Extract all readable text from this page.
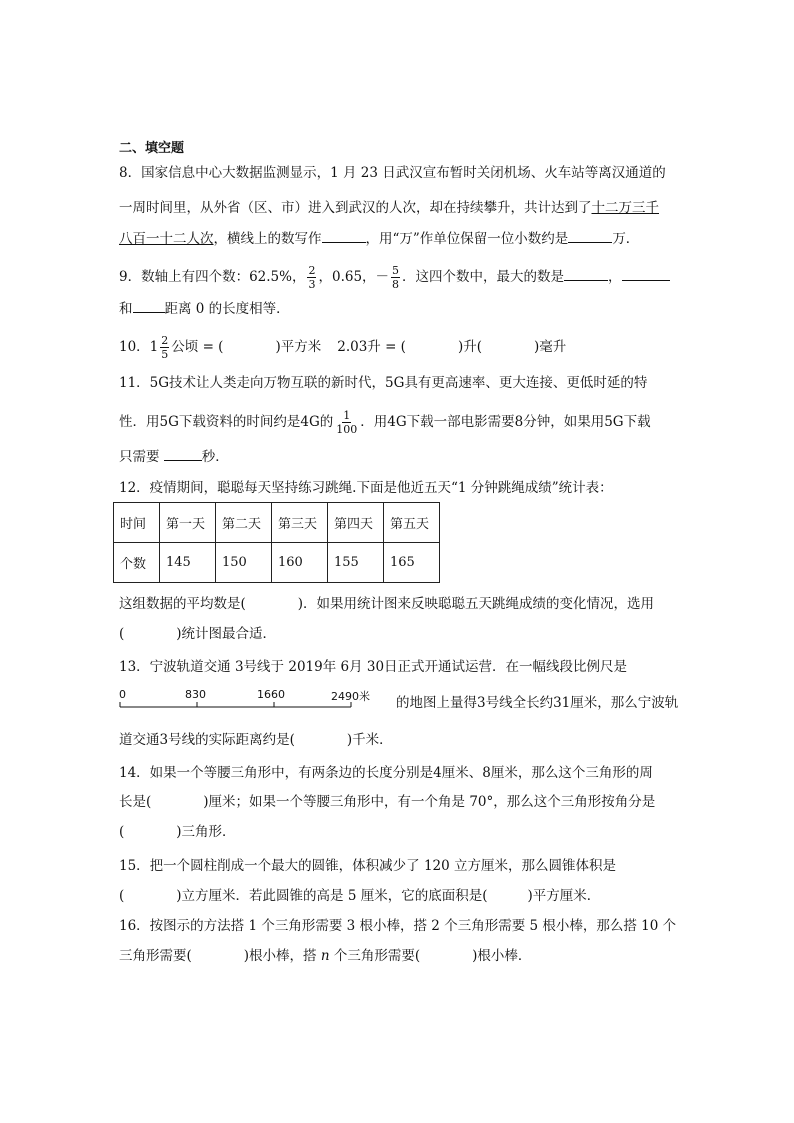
二、填空题
8．国家信息中心大数据监测显示，1 月 23 日武汉宣布暂时关闭机场、火车站等离汉通道的
一周时间里，从外省（区、市）进入到武汉的人次，却在持续攀升，共计达到了十二万三千
八百一十二人次，横线上的数写作	，用“万”作单位保留一位小数约是	万．
9．数轴上有四个数：62.5%， $\frac{2}{3}$ ，0.65，－ $\frac{5}{8}$ ．这四个数中，最大的数是	，
和 距离 0 的长度相等．
10．$1 \frac{2}{5}$ 公顷 = (	)平方米 2.03升 = (	)升(	)毫升
11．5G技术让人类走向万物互联的新时代，5G具有更高速率、更大连接、更低时延的特
性．用5G下载资料的时间约是4G的 $\frac{1}{100}$ ．用4G下载一部电影需要8分钟，如果用5G下载
只需要	秒．
12．疫情期间，聪聪每天坚持练习跳绳.下面是他近五天“1 分钟跳绳成绩”统计表：
时间	第一天	第二天	第三天	第四天	第五天
个数	145	150	160	155	165
这组数据的平均数是(	)．如果用统计图来反映聪聪五天跳绳成绩的变化情况，选用
(	)统计图最合适．
13．宁波轨道交通 3号线于 2019年 6月 30日正式开通试运营．在一幅线段比例尺是
0	830	1660	2490米 的地图上量得3号线全长约31厘米，那么宁波轨
道交通3号线的实际距离约是(	)千米．
14．如果一个等腰三角形中，有两条边的长度分别是4厘米、8厘米，那么这个三角形的周
长是(	)厘米；如果一个等腰三角形中，有一个角是 70°，那么这个三角形按角分是
(	)三角形．
15．把一个圆柱削成一个最大的圆锥，体积减少了 120 立方厘米，那么圆锥体积是
(	)立方厘米．若此圆锥的高是 5 厘米，它的底面积是(	)平方厘米．
16．按图示的方法搭 1 个三角形需要 3 根小棒，搭 2 个三角形需要 5 根小棒，那么搭 10 个
三角形需要(	)根小棒，搭 n 个三角形需要(	)根小棒．
